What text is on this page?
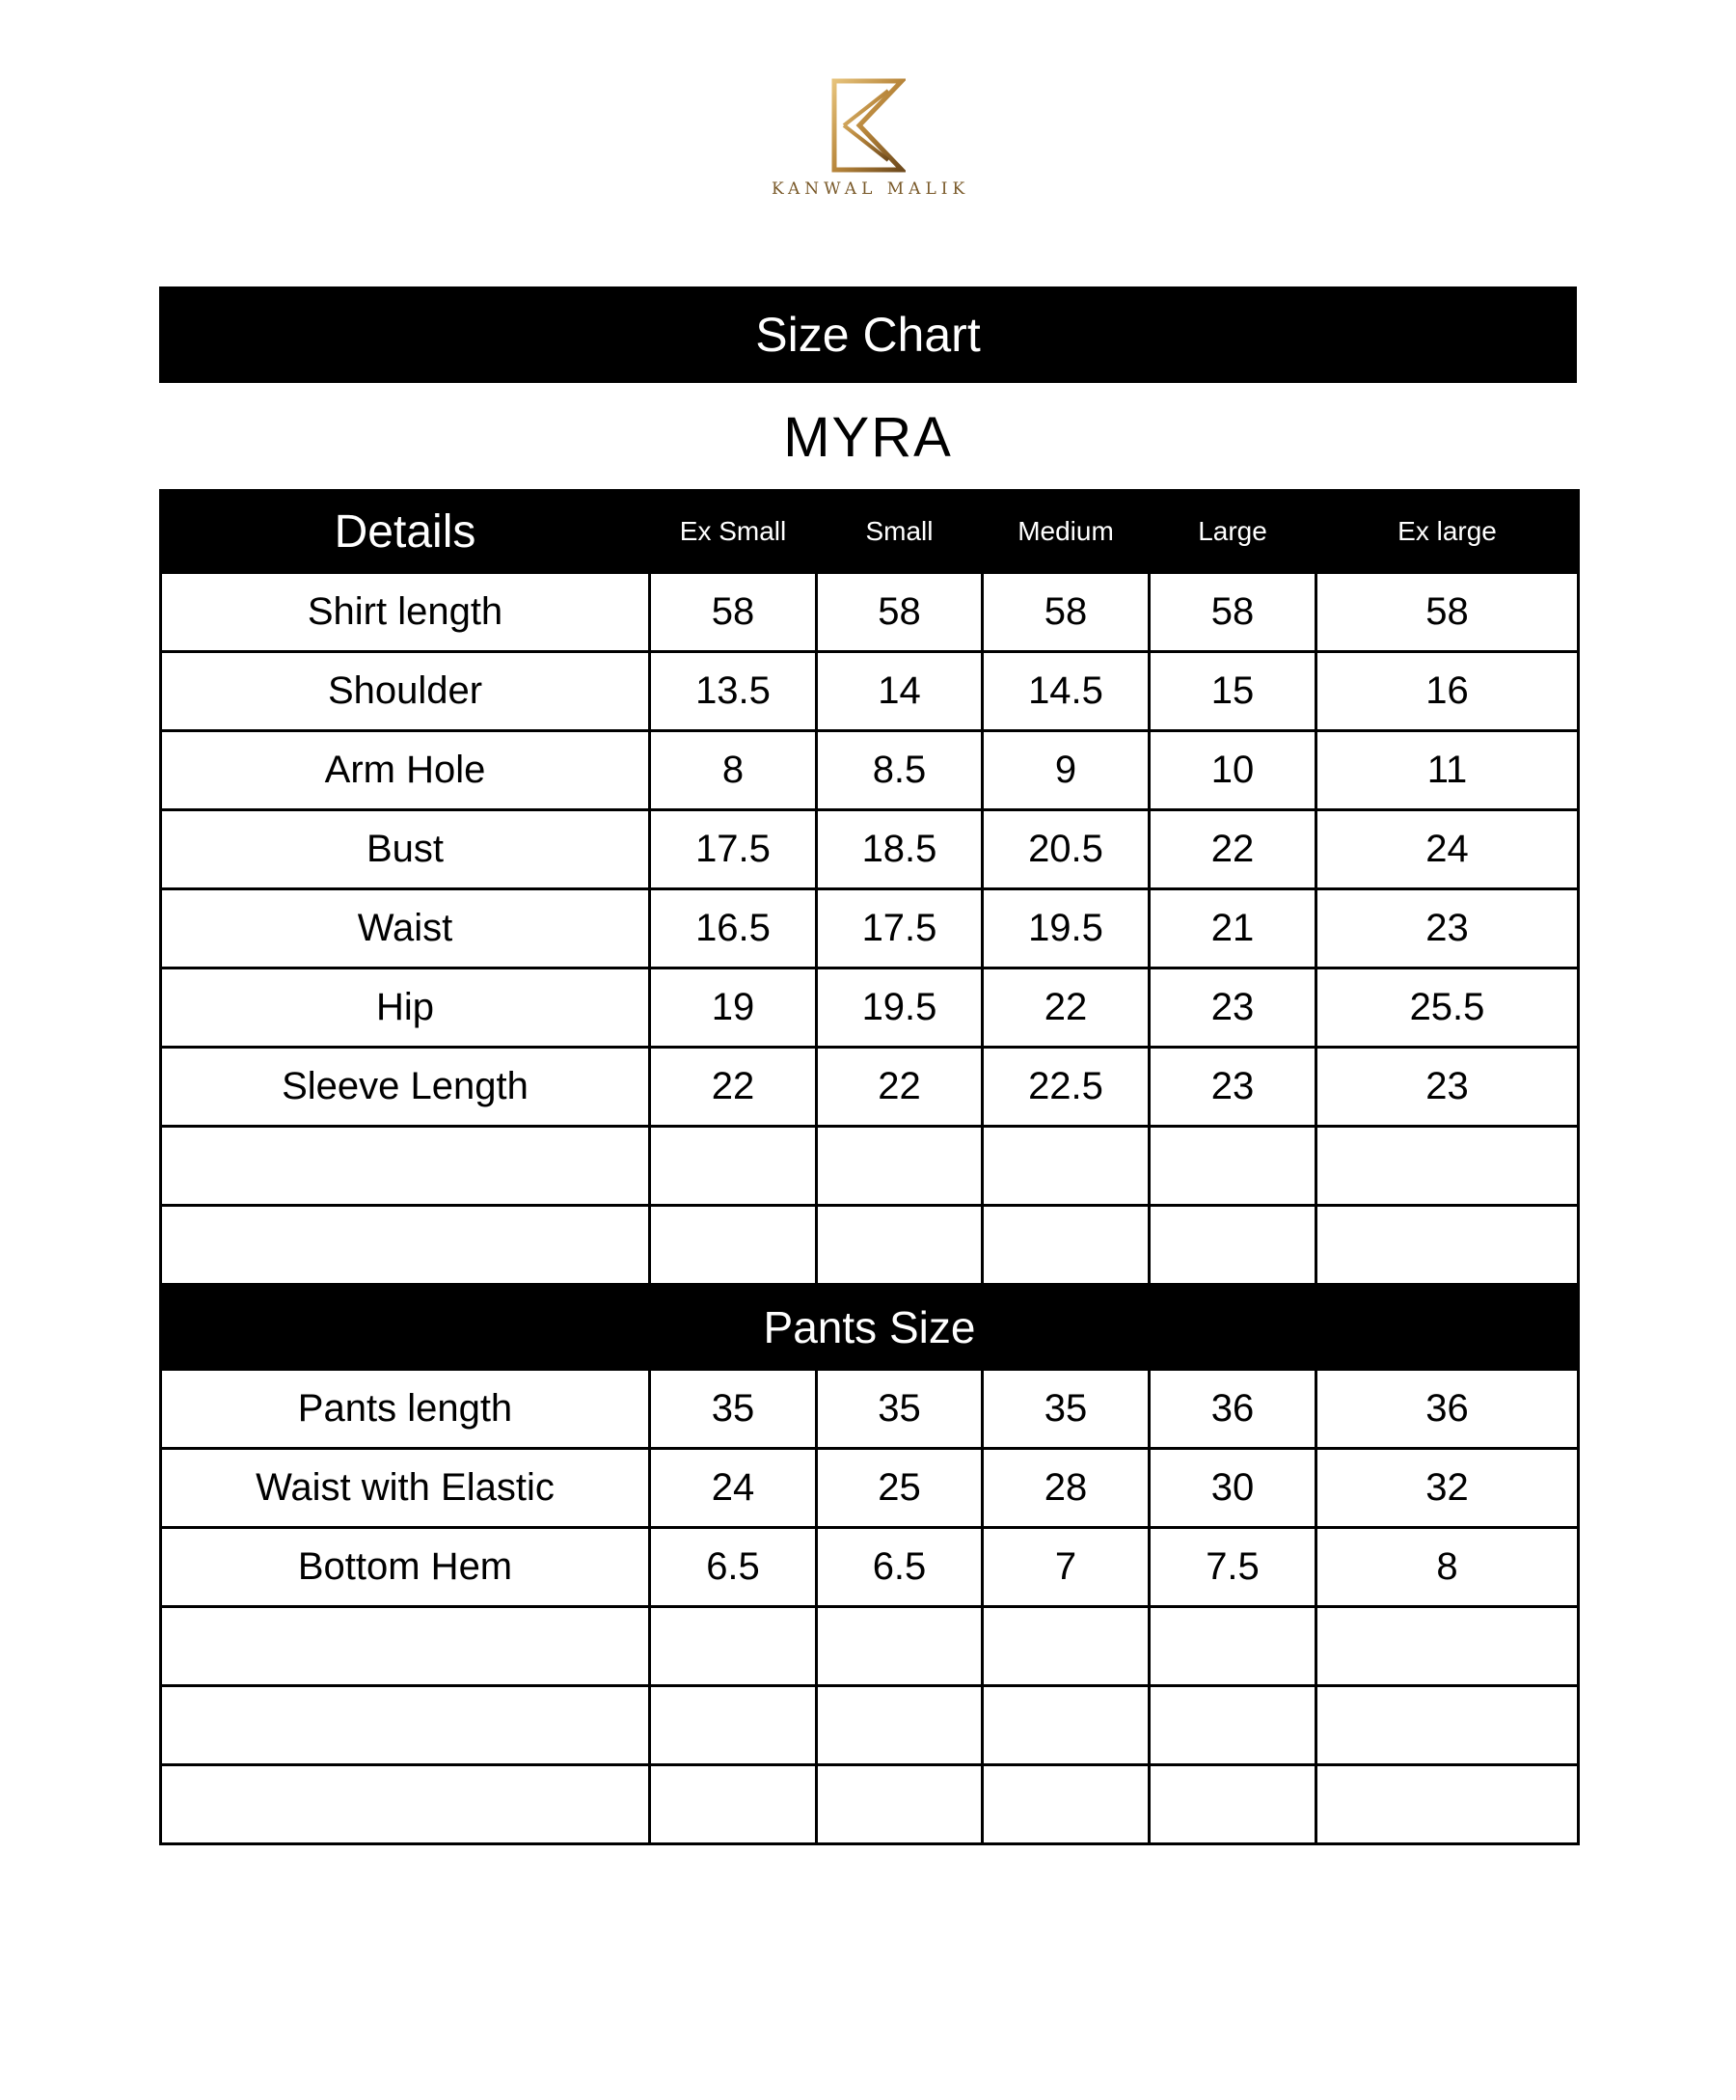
KANWAL MALIK
Size Chart
MYRA
Details	Ex Small	Small	Medium	Large	Ex large
Shirt length	58	58	58	58	58
Shoulder	13.5	14	14.5	15	16
Arm Hole	8	8.5	9	10	11
Bust	17.5	18.5	20.5	22	24
Waist	16.5	17.5	19.5	21	23
Hip	19	19.5	22	23	25.5
Sleeve Length	22	22	22.5	23	23

Pants Size					
Pants length	35	35	35	36	36
Waist with Elastic	24	25	28	30	32
Bottom Hem	6.5	6.5	7	7.5	8
